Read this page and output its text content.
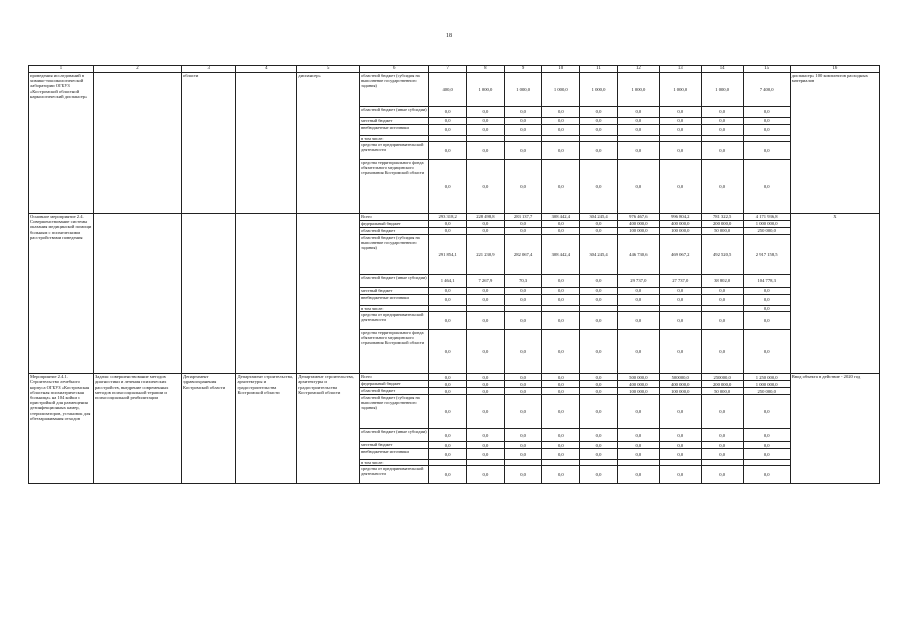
18
1	2	3	4	5	6	7	8	9	10	11	12	13	14	15	16
проведения исследований в химико-токсикологической лаборатории ОГБУЗ «Костромской областной наркологический диспансер»		области		диспансер»	областной бюджет (субсидия на выполнение государственного задания)	400,0	1 000,0	1 000,0	1 000,0	1 000,0	1 000,0	1 000,0	1 000,0	7 400,0	диспансер» 100 комплектов расходных материалов
					областной бюджет (иные субсидии)	0,0	0,0	0,0	0,0	0,0	0,0	0,0	0,0	0,0	
					местный бюджет	0,0	0,0	0,0	0,0	0,0	0,0	0,0	0,0	0,0	
					внебюджетные источники	0,0	0,0	0,0	0,0	0,0	0,0	0,0	0,0	0,0	
					в том числе:										
					средства от предпринимательской деятельности	0,0	0,0	0,0	0,0	0,0	0,0	0,0	0,0	0,0	
					средства территориального фонда обязательного медицинского страхования Костромской области	0,0	0,0	0,0	0,0	0,0	0,0	0,0	0,0	0,0	
Основное мероприятие 2.4. Совершенствование системы оказания медицинской помощи больным с психическими расстройствами поведения					Всего	293 318,2	228 498,8	283 137,7	308 442,4	304 245,4	976 467,6	996 804,2	781 322,5	4 171 936,8	X
					федеральный бюджет	0,0	0,0	0,0	0,0	0,0	400 000,0	400 000,0	200 000,0	1 000 000,0	
					областной бюджет	0,0	0,0	0,0	0,0	0,0	100 000,0	100 000,0	50 000,0	250 000,0	
					областной бюджет (субсидия на выполнение государственного задания)	291 854,1	221 230,9	282 067,4	308 442,4	304 245,4	446 730,6	469 067,2	492 520,5	2 917 158,5	
					областной бюджет (иные субсидии)	1 464,1	7 267,9	70,3	0,0	0,0	29 737,0	27 737,0	38 802,0	104 778,3	
					местный бюджет	0,0	0,0	0,0	0,0	0,0	0,0	0,0	0,0	0,0	
					внебюджетные источники	0,0	0,0	0,0	0,0	0,0	0,0	0,0	0,0	0,0	
					в том числе:									0,0	
					средства от предпринимательской деятельности	0,0	0,0	0,0	0,0	0,0	0,0	0,0	0,0	0,0	
					средства территориального фонда обязательного медицинского страхования Костромской области	0,0	0,0	0,0	0,0	0,0	0,0	0,0	0,0	0,0	
Мероприятие 2.4.1. Строительство лечебного корпуса ОГБУЗ «Костромская областная психиатрическая больница» на 104 койки с пристройкой для размещения дезинфекционных камер, стерилизаторов, установок для обеззараживания отходов	Задача: совершенствование методов диагностики и лечения психических расстройств, внедрение современных методов психосоциальной терапии и психосоциальной реабилитации	Департамент здравоохранения Костромской области	Департамент строительства, архитектуры и градостроительства Костромской области	Департамент строительства, архитектуры и градостроительства Костромской области	Всего	0,0	0,0	0,0	0,0	0,0	500 000,0	500000,0	250000,0	1 250 000,0	Ввод объекта в действие - 2020 год
					федеральный бюджет	0,0	0,0	0,0	0,0	0,0	400 000,0	400 000,0	200 000,0	1 000 000,0	
					областной бюджет	0,0	0,0	0,0	0,0	0,0	100 000,0	100 000,0	50 000,0	250 000,0	
					областной бюджет (субсидия на выполнение государственного задания)	0,0	0,0	0,0	0,0	0,0	0,0	0,0	0,0	0,0	
					областной бюджет (иные субсидии)	0,0	0,0	0,0	0,0	0,0	0,0	0,0	0,0	0,0	
					местный бюджет	0,0	0,0	0,0	0,0	0,0	0,0	0,0	0,0	0,0	
					внебюджетные источники	0,0	0,0	0,0	0,0	0,0	0,0	0,0	0,0	0,0	
					в том числе:										
					средства от предпринимательской деятельности	0,0	0,0	0,0	0,0	0,0	0,0	0,0	0,0	0,0	
